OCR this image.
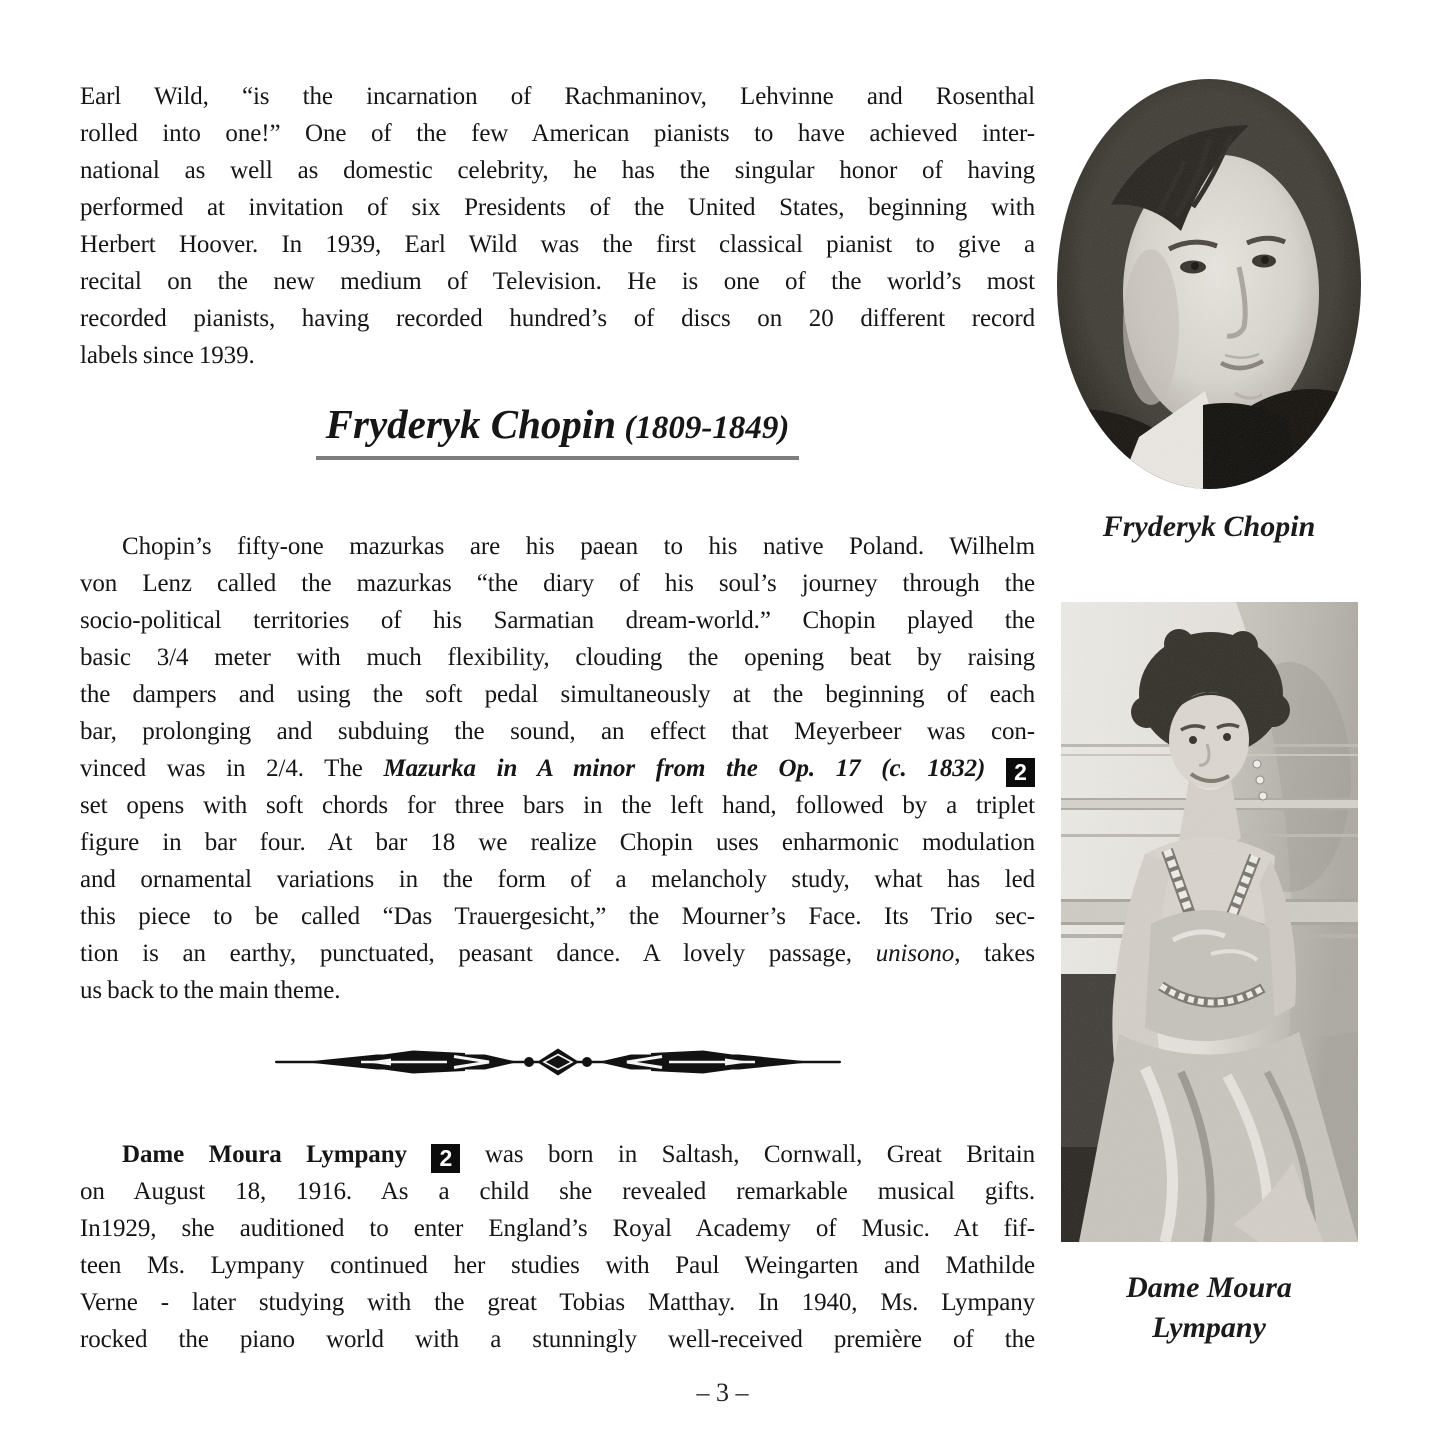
Earl Wild, “is the incarnation of Rachmaninov, Lehvinne and Rosenthal
rolled into one!” One of the few American pianists to have achieved inter-
national as well as domestic celebrity, he has the singular honor of having
performed at invitation of six Presidents of the United States, beginning with
Herbert Hoover. In 1939, Earl Wild was the first classical pianist to give a
recital on the new medium of Television. He is one of the world’s most
recorded pianists, having recorded hundred’s of discs on 20 different record
labels since 1939.
Fryderyk Chopin (1809-1849)
Chopin’s fifty-one mazurkas are his paean to his native Poland. Wilhelm
von Lenz called the mazurkas “the diary of his soul’s journey through the
socio-political territories of his Sarmatian dream-world.” Chopin played the
basic 3/4 meter with much flexibility, clouding the opening beat by raising
the dampers and using the soft pedal simultaneously at the beginning of each
bar, prolonging and subduing the sound, an effect that Meyerbeer was con-
vinced was in 2/4. The Mazurka in A minor from the Op. 17 (c. 1832) 2
set opens with soft chords for three bars in the left hand, followed by a triplet
figure in bar four. At bar 18 we realize Chopin uses enharmonic modulation
and ornamental variations in the form of a melancholy study, what has led
this piece to be called “Das Trauergesicht,” the Mourner’s Face. Its Trio sec-
tion is an earthy, punctuated, peasant dance. A lovely passage, unisono, takes
us back to the main theme.
Dame Moura Lympany 2 was born in Saltash, Cornwall, Great Britain
on August 18, 1916. As a child she revealed remarkable musical gifts.
In1929, she auditioned to enter England’s Royal Academy of Music. At fif-
teen Ms. Lympany continued her studies with Paul Weingarten and Mathilde
Verne - later studying with the great Tobias Matthay. In 1940, Ms. Lympany
rocked the piano world with a stunningly well-received première of the
Fryderyk Chopin
Dame Moura
Lympany
– 3 –
